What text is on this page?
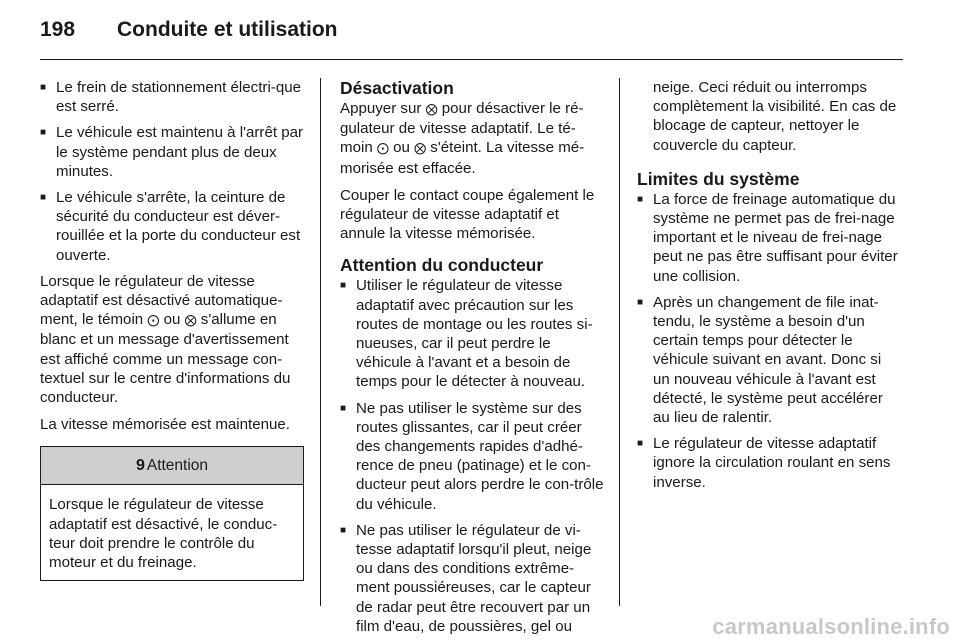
198	Conduite et utilisation
■ Le frein de stationnement électri-que est serré.
■ Le véhicule est maintenu à l'arrêt par le système pendant plus de deux minutes.
■ Le véhicule s'arrête, la ceinture de sécurité du conducteur est déver-rouillée et la porte du conducteur est ouverte.

Lorsque le régulateur de vitesse adaptatif est désactivé automatique-ment, le témoin ⨀ ou ⨂ s'allume en blanc et un message d'avertissement est affiché comme un message con-textuel sur le centre d'informations du conducteur.

La vitesse mémorisée est maintenue.

9 Attention
Lorsque le régulateur de vitesse adaptatif est désactivé, le conduc-teur doit prendre le contrôle du moteur et du freinage.
Désactivation

Appuyer sur ⨂ pour désactiver le ré-gulateur de vitesse adaptatif. Le té-moin ⨀ ou ⨂ s'éteint. La vitesse mé-morisée est effacée.

Couper le contact coupe également le régulateur de vitesse adaptatif et annule la vitesse mémorisée.

Attention du conducteur
■ Utiliser le régulateur de vitesse adaptatif avec précaution sur les routes de montage ou les routes si-nueuses, car il peut perdre le véhicule à l'avant et a besoin de temps pour le détecter à nouveau.
■ Ne pas utiliser le système sur des routes glissantes, car il peut créer des changements rapides d'adhé-rence de pneu (patinage) et le con-ducteur peut alors perdre le con-trôle du véhicule.
■ Ne pas utiliser le régulateur de vi-tesse adaptatif lorsqu'il pleut, neige ou dans des conditions extrême-ment poussiéreuses, car le capteur de radar peut être recouvert par un film d'eau, de poussières, gel ou

neige. Ceci réduit ou interromps complètement la visibilité. En cas de blocage de capteur, nettoyer le couvercle du capteur.

Limites du système
■ La force de freinage automatique du système ne permet pas de frei-nage important et le niveau de frei-nage peut ne pas être suffisant pour éviter une collision.
■ Après un changement de file inat-tendu, le système a besoin d'un certain temps pour détecter le véhicule suivant en avant. Donc si un nouveau véhicule à l'avant est détecté, le système peut accélérer au lieu de ralentir.
■ Le régulateur de vitesse adaptatif ignore la circulation roulant en sens inverse.
carmanualsonline.info
